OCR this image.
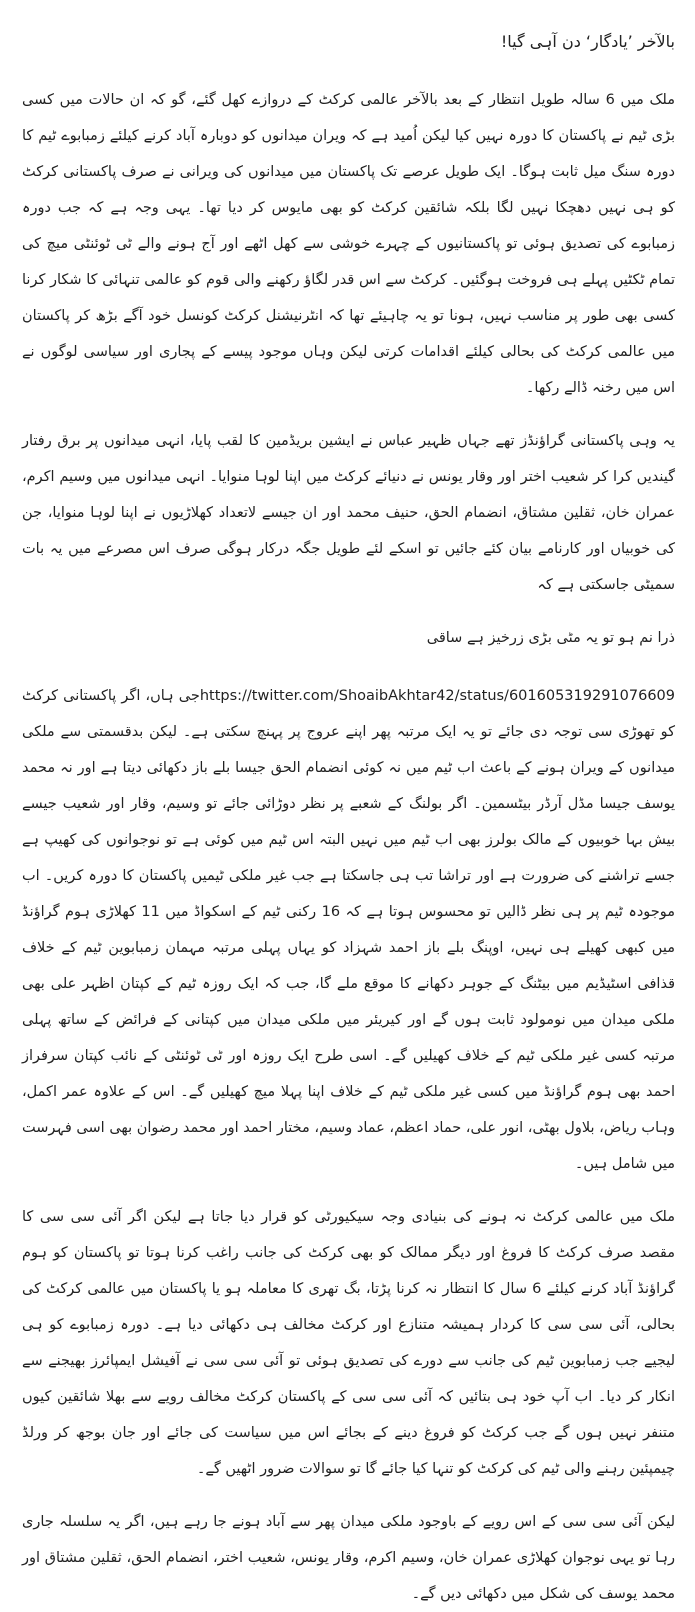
بالآخر ’یادگار‘ دن آہی گیا!

ملک میں 6 سالہ طویل انتظار کے بعد بالآخر عالمی کرکٹ کے دروازے کھل گئے، گو کہ ان حالات میں کسی بڑی ٹیم نے پاکستان کا دورہ نہیں کیا لیکن اُمید ہے کہ ویران میدانوں کو دوبارہ آباد کرنے کیلئے زمبابوے ٹیم کا دورہ سنگ میل ثابت ہوگا۔ ایک طویل عرصے تک پاکستان میں میدانوں کی ویرانی نے صرف پاکستانی کرکٹ کو ہی نہیں دھچکا نہیں لگا بلکہ شائقین کرکٹ کو بھی مایوس کر دیا تھا۔ یہی وجہ ہے کہ جب دورہ زمبابوے کی تصدیق ہوئی تو پاکستانیوں کے چہرے خوشی سے کھل اٹھے اور آج ہونے والے ٹی ٹوئنٹی میچ کی تمام ٹکٹیں پہلے ہی فروخت ہوگئیں۔ کرکٹ سے اس قدر لگاؤ رکھنے والی قوم کو عالمی تنہائی کا شکار کرنا کسی بھی طور پر مناسب نہیں، ہونا تو یہ چاہیئے تھا کہ انٹرنیشنل کرکٹ کونسل خود آگے بڑھ کر پاکستان میں عالمی کرکٹ کی بحالی کیلئے اقدامات کرتی لیکن وہاں موجود پیسے کے پجاری اور سیاسی لوگوں نے اس میں رخنہ ڈالے رکھا۔

یہ وہی پاکستانی گراؤنڈز تھے جہاں ظہیر عباس نے ایشین بریڈمین کا لقب پایا، انہی میدانوں پر برق رفتار گیندیں کرا کر شعیب اختر اور وقار یونس نے دنیائے کرکٹ میں اپنا لوہا منوایا۔ انہی میدانوں میں وسیم اکرم، عمران خان، ثقلین مشتاق، انضمام الحق، حنیف محمد اور ان جیسے لاتعداد کھلاڑیوں نے اپنا لوہا منوایا، جن کی خوبیاں اور کارنامے بیان کئے جائیں تو اسکے لئے طویل جگہ درکار ہوگی صرف اس مصرعے میں یہ بات سمیٹی جاسکتی ہے کہ

ذرا نم ہو تو یہ مٹی بڑی زرخیز ہے ساقی

https://twitter.com/ShoaibAkhtar42/status/601605319291076609جی ہاں، اگر پاکستانی کرکٹ کو تھوڑی سی توجہ دی جائے تو یہ ایک مرتبہ پھر اپنے عروج پر پہنچ سکتی ہے۔ لیکن بدقسمتی سے ملکی میدانوں کے ویران ہونے کے باعث اب ٹیم میں نہ کوئی انضمام الحق جیسا بلے باز دکھائی دیتا ہے اور نہ محمد یوسف جیسا مڈل آرڈر بیٹسمین۔ اگر بولنگ کے شعبے پر نظر دوڑائی جائے تو وسیم، وقار اور شعیب جیسے بیش بہا خوبیوں کے مالک بولرز بھی اب ٹیم میں نہیں البتہ اس ٹیم میں کوئی ہے تو نوجوانوں کی کھیپ ہے جسے تراشنے کی ضرورت ہے اور تراشا تب ہی جاسکتا ہے جب غیر ملکی ٹیمیں پاکستان کا دورہ کریں۔ اب موجودہ ٹیم پر ہی نظر ڈالیں تو محسوس ہوتا ہے کہ 16 رکنی ٹیم کے اسکواڈ میں 11 کھلاڑی ہوم گراؤنڈ میں کبھی کھیلے ہی نہیں، اوپنگ بلے باز احمد شہزاد کو یہاں پہلی مرتبہ مہمان زمبابوین ٹیم کے خلاف قذافی اسٹیڈیم میں بیٹنگ کے جوہر دکھانے کا موقع ملے گا، جب کہ ایک روزہ ٹیم کے کپتان اظہر علی بھی ملکی میدان میں نومولود ثابت ہوں گے اور کیریئر میں ملکی میدان میں کپتانی کے فرائض کے ساتھ پہلی مرتبہ کسی غیر ملکی ٹیم کے خلاف کھیلیں گے۔ اسی طرح ایک روزہ اور ٹی ٹوئنٹی کے نائب کپتان سرفراز احمد بھی ہوم گراؤنڈ میں کسی غیر ملکی ٹیم کے خلاف اپنا پہلا میچ کھیلیں گے۔ اس کے علاوہ عمر اکمل، وہاب ریاض، بلاول بھٹی، انور علی، حماد اعظم، عماد وسیم، مختار احمد اور محمد رضوان بھی اسی فہرست میں شامل ہیں۔

ملک میں عالمی کرکٹ نہ ہونے کی بنیادی وجہ سیکیورٹی کو قرار دیا جاتا ہے لیکن اگر آئی سی سی کا مقصد صرف کرکٹ کا فروغ اور دیگر ممالک کو بھی کرکٹ کی جانب راغب کرنا ہوتا تو پاکستان کو ہوم گراؤنڈ آباد کرنے کیلئے 6 سال کا انتظار نہ کرنا پڑتا، بگ تھری کا معاملہ ہو یا پاکستان میں عالمی کرکٹ کی بحالی، آئی سی سی کا کردار ہمیشہ متنازع اور کرکٹ مخالف ہی دکھائی دیا ہے۔ دورہ زمبابوے کو ہی لیجیے جب زمبابوین ٹیم کی جانب سے دورے کی تصدیق ہوئی تو آئی سی سی نے آفیشل ایمپائرز بھیجنے سے انکار کر دیا۔ اب آپ خود ہی بتائیں کہ آئی سی سی کے پاکستان کرکٹ مخالف رویے سے بھلا شائقین کیوں متنفر نہیں ہوں گے جب کرکٹ کو فروغ دینے کے بجائے اس میں سیاست کی جائے اور جان بوجھ کر ورلڈ چیمپئین رہنے والی ٹیم کی کرکٹ کو تنہا کیا جائے گا تو سوالات ضرور اٹھیں گے۔

لیکن آئی سی سی کے اس رویے کے باوجود ملکی میدان پھر سے آباد ہونے جا رہے ہیں، اگر یہ سلسلہ جاری رہا تو یہی نوجوان کھلاڑی عمران خان، وسیم اکرم، وقار یونس، شعیب اختر، انضمام الحق، ثقلین مشتاق اور محمد یوسف کی شکل میں دکھائی دیں گے۔
